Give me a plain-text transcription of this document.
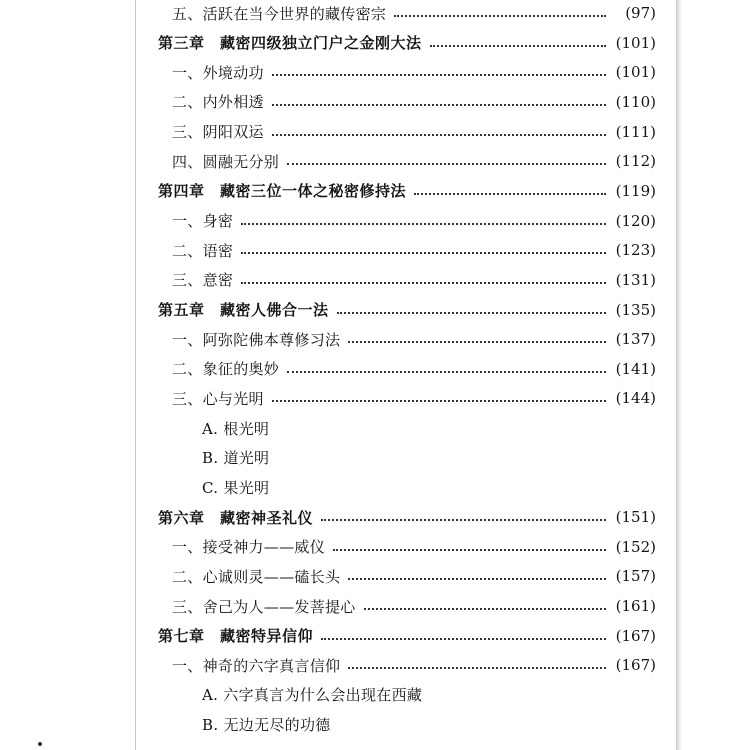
五、活跃在当今世界的藏传密宗	(97)
第三章　藏密四级独立门户之金刚大法	(101)
一、外境动功	(101)
二、内外相透	(110)
三、阴阳双运	(111)
四、圆融无分别	(112)
第四章　藏密三位一体之秘密修持法	(119)
一、身密	(120)
二、语密	(123)
三、意密	(131)
第五章　藏密人佛合一法	(135)
一、阿弥陀佛本尊修习法	(137)
二、象征的奥妙	(141)
三、心与光明	(144)
A. 根光明
B. 道光明
C. 果光明
第六章　藏密神圣礼仪	(151)
一、接受神力——威仪	(152)
二、心诚则灵——磕长头	(157)
三、舍己为人——发菩提心	(161)
第七章　藏密特异信仰	(167)
一、神奇的六字真言信仰	(167)
A. 六字真言为什么会出现在西藏
B. 无边无尽的功德
